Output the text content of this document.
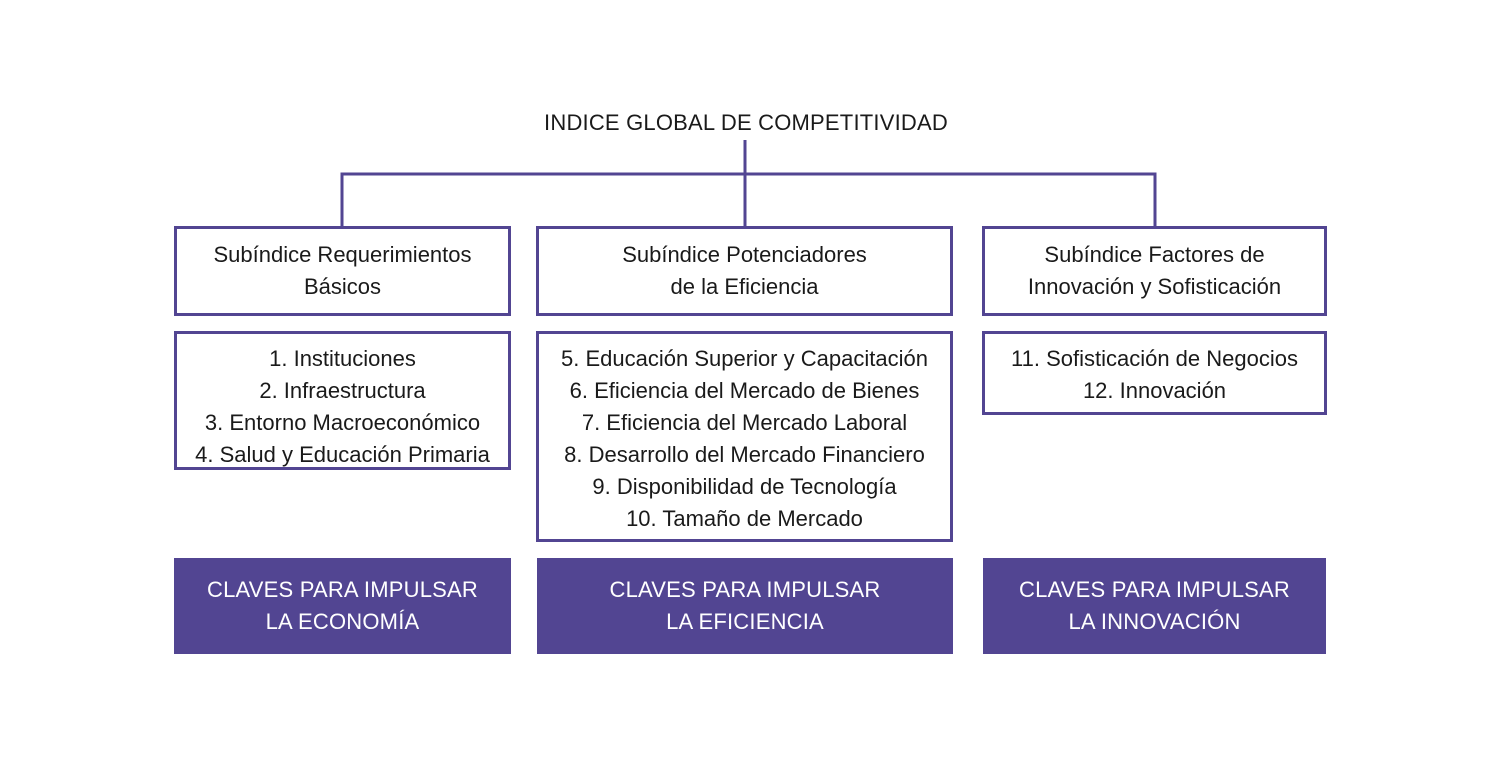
INDICE GLOBAL DE COMPETITIVIDAD
Subíndice Requerimientos
Básicos
1. Instituciones
2. Infraestructura
3. Entorno Macroeconómico
4. Salud y Educación Primaria
CLAVES PARA IMPULSAR
LA ECONOMÍA
Subíndice Potenciadores
de la Eficiencia
5. Educación Superior y Capacitación
6. Eficiencia del Mercado de Bienes
7. Eficiencia del Mercado Laboral
8. Desarrollo del Mercado Financiero
9. Disponibilidad de Tecnología
10. Tamaño de Mercado
CLAVES PARA IMPULSAR
LA EFICIENCIA
Subíndice Factores de
Innovación y Sofisticación
11. Sofisticación de Negocios
12. Innovación
CLAVES PARA IMPULSAR
LA INNOVACIÓN
